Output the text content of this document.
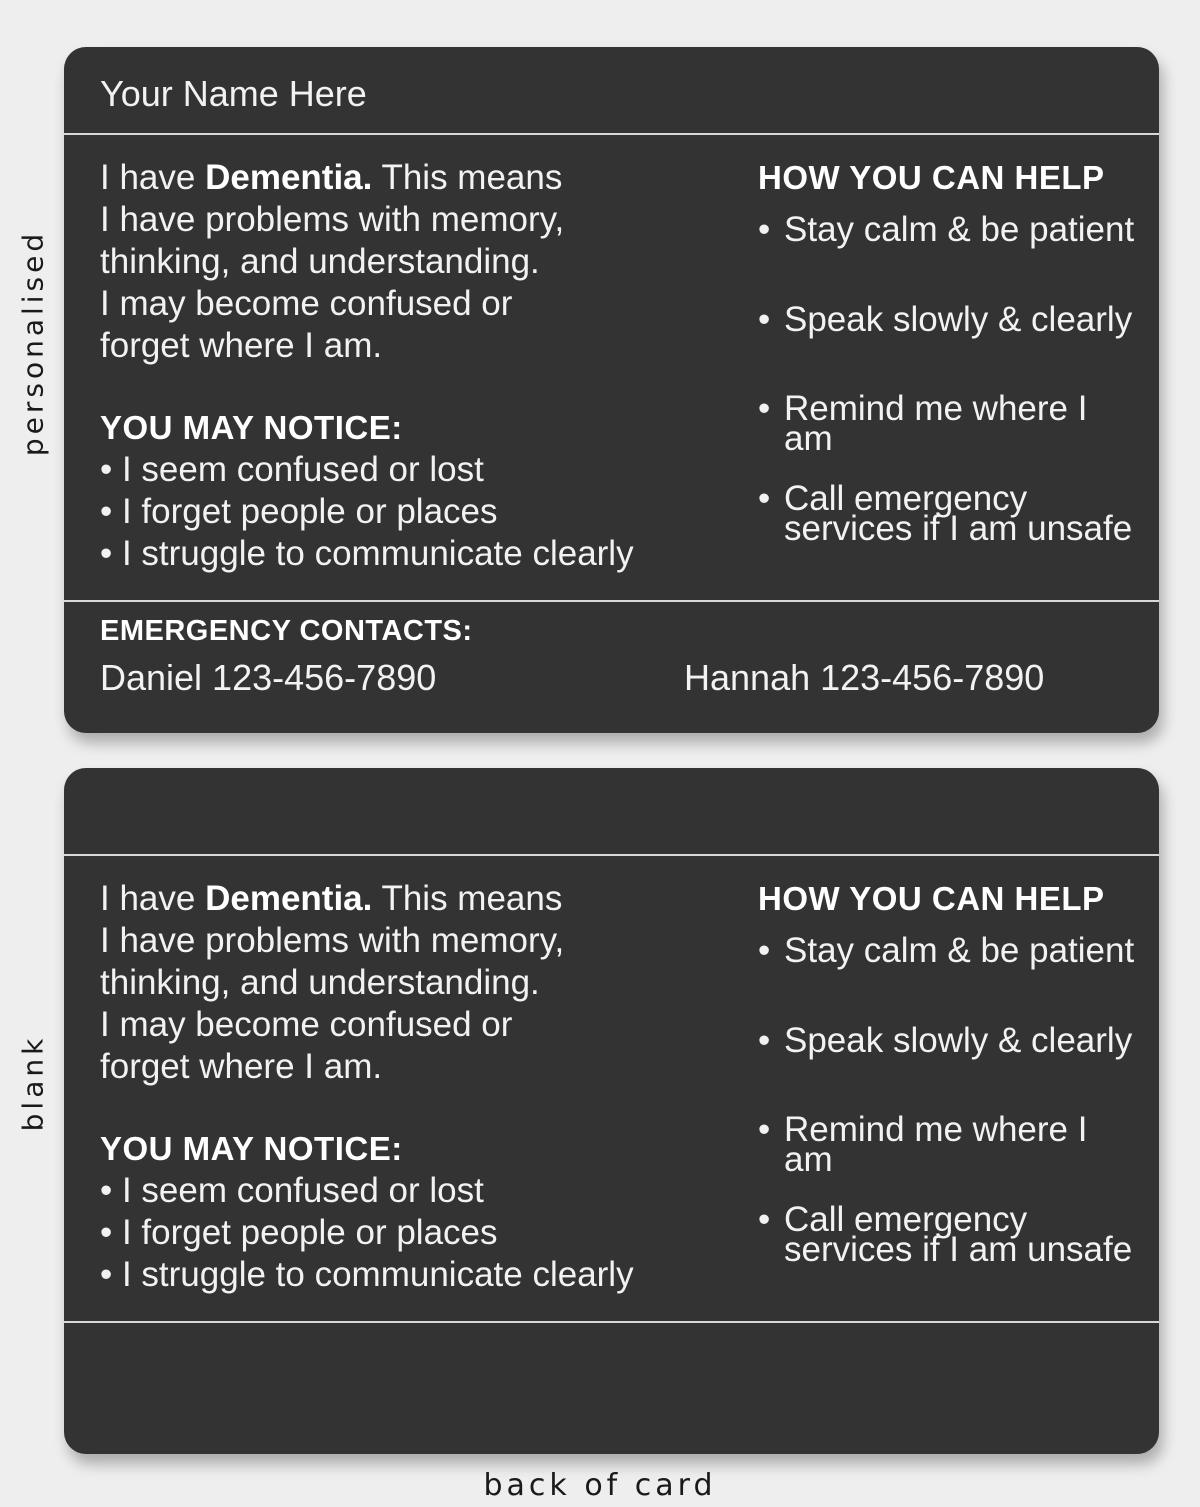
personalised
blank
Your Name Here

I have Dementia. This means

I have problems with memory,

thinking, and understanding.

I may become confused or

forget where I am.

YOU MAY NOTICE:
• I seem confused or lost
• I forget people or places
• I struggle to communicate clearly
HOW YOU CAN HELP
• Stay calm & be patient
• Speak slowly & clearly
• Remind me where I am
• Call emergency services if I am unsafe
EMERGENCY CONTACTS:
Daniel 123-456-7890	Hannah 123-456-7890

I have Dementia. This means

I have problems with memory,

thinking, and understanding.

I may become confused or

forget where I am.

YOU MAY NOTICE:
• I seem confused or lost
• I forget people or places
• I struggle to communicate clearly
HOW YOU CAN HELP
• Stay calm & be patient
• Speak slowly & clearly
• Remind me where I am
• Call emergency services if I am unsafe
back of card
